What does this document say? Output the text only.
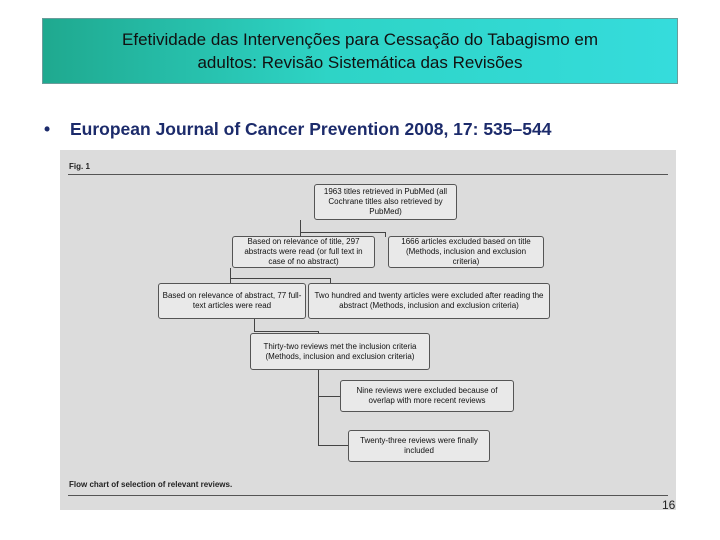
Efetividade das Intervenções para Cessação do Tabagismo em
adultos: Revisão Sistemática das Revisões
• European Journal of Cancer Prevention 2008, 17: 535–544
Fig. 1
1963 titles retrieved in PubMed (all Cochrane titles also retrieved by PubMed)
Based on relevance of title, 297 abstracts were read (or full text in case of no abstract)
1666 articles excluded based on title (Methods, inclusion and exclusion criteria)
Based on relevance of abstract, 77 full-text articles were read
Two hundred and twenty articles were excluded after reading the abstract (Methods, inclusion and exclusion criteria)
Thirty-two reviews met the inclusion criteria (Methods, inclusion and exclusion criteria)
Nine reviews were excluded because of overlap with more recent reviews
Twenty-three reviews were finally included
Flow chart of selection of relevant reviews.
16
